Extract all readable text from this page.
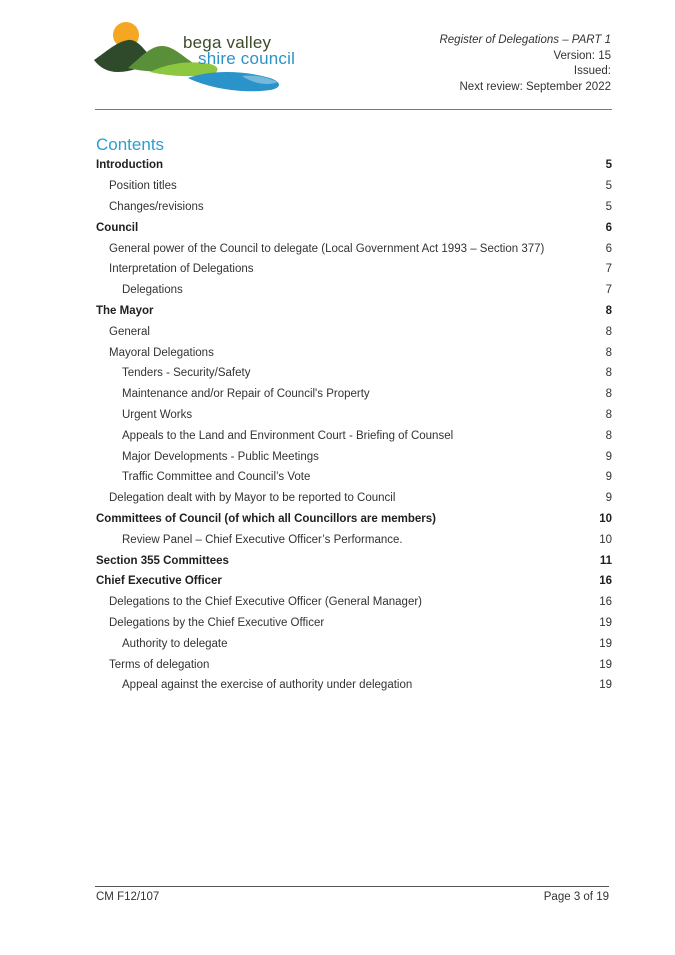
bega valley
shire council
Register of Delegations – PART 1
Version: 15
Issued:
Next review: September 2022
Contents
Introduction	5
Position titles	5
Changes/revisions	5
Council	6
General power of the Council to delegate (Local Government Act 1993 – Section 377)	6
Interpretation of Delegations	7
Delegations	7
The Mayor	8
General	8
Mayoral Delegations	8
Tenders - Security/Safety	8
Maintenance and/or Repair of Council's Property	8
Urgent Works	8
Appeals to the Land and Environment Court - Briefing of Counsel	8
Major Developments - Public Meetings	9
Traffic Committee and Council’s Vote	9
Delegation dealt with by Mayor to be reported to Council	9
Committees of Council (of which all Councillors are members)	10
Review Panel – Chief Executive Officer’s Performance.	10
Section 355 Committees	11
Chief Executive Officer	16
Delegations to the Chief Executive Officer (General Manager)	16
Delegations by the Chief Executive Officer	19
Authority to delegate	19
Terms of delegation	19
Appeal against the exercise of authority under delegation	19
CM F12/107	Page 3 of 19
